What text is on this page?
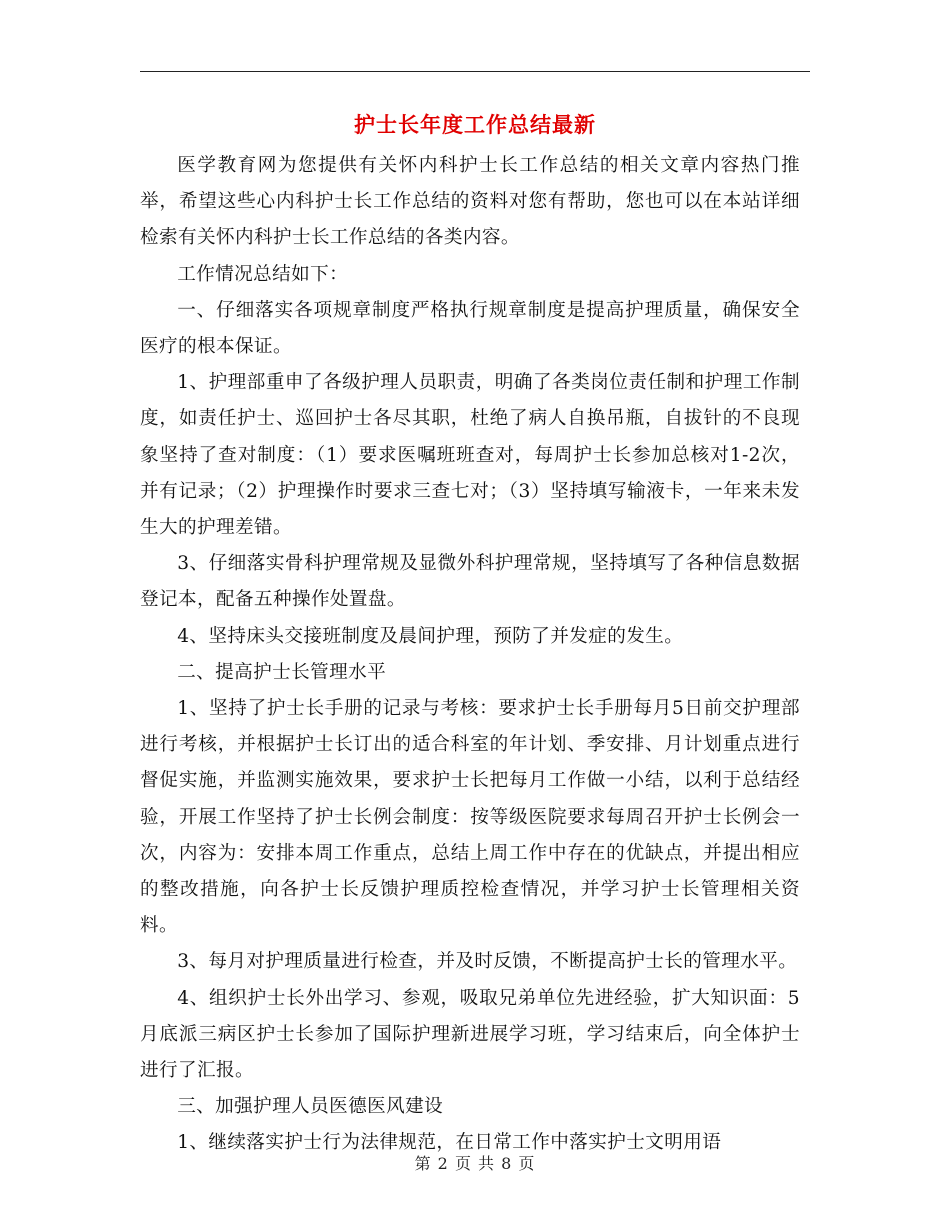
护士长年度工作总结最新

医学教育网为您提供有关怀内科护士长工作总结的相关文章内容热门推举，希望这些心内科护士长工作总结的资料对您有帮助，您也可以在本站详细检索有关怀内科护士长工作总结的各类内容。

工作情况总结如下：

一、仔细落实各项规章制度严格执行规章制度是提高护理质量，确保安全医疗的根本保证。

1、护理部重申了各级护理人员职责，明确了各类岗位责任制和护理工作制度，如责任护士、巡回护士各尽其职，杜绝了病人自换吊瓶，自拔针的不良现象坚持了查对制度：（1）要求医嘱班班查对，每周护士长参加总核对1-2次，并有记录；（2）护理操作时要求三查七对；（3）坚持填写输液卡，一年来未发生大的护理差错。

3、仔细落实骨科护理常规及显微外科护理常规，坚持填写了各种信息数据登记本，配备五种操作处置盘。

4、坚持床头交接班制度及晨间护理，预防了并发症的发生。

二、提高护士长管理水平

1、坚持了护士长手册的记录与考核：要求护士长手册每月5日前交护理部进行考核，并根据护士长订出的适合科室的年计划、季安排、月计划重点进行督促实施，并监测实施效果，要求护士长把每月工作做一小结，以利于总结经验，开展工作坚持了护士长例会制度：按等级医院要求每周召开护士长例会一次，内容为：安排本周工作重点，总结上周工作中存在的优缺点，并提出相应的整改措施，向各护士长反馈护理质控检查情况，并学习护士长管理相关资料。

3、每月对护理质量进行检查，并及时反馈，不断提高护士长的管理水平。

4、组织护士长外出学习、参观，吸取兄弟单位先进经验，扩大知识面：5月底派三病区护士长参加了国际护理新进展学习班，学习结束后，向全体护士进行了汇报。

三、加强护理人员医德医风建设

1、继续落实护士行为法律规范，在日常工作中落实护士文明用语

第 2 页 共 8 页
